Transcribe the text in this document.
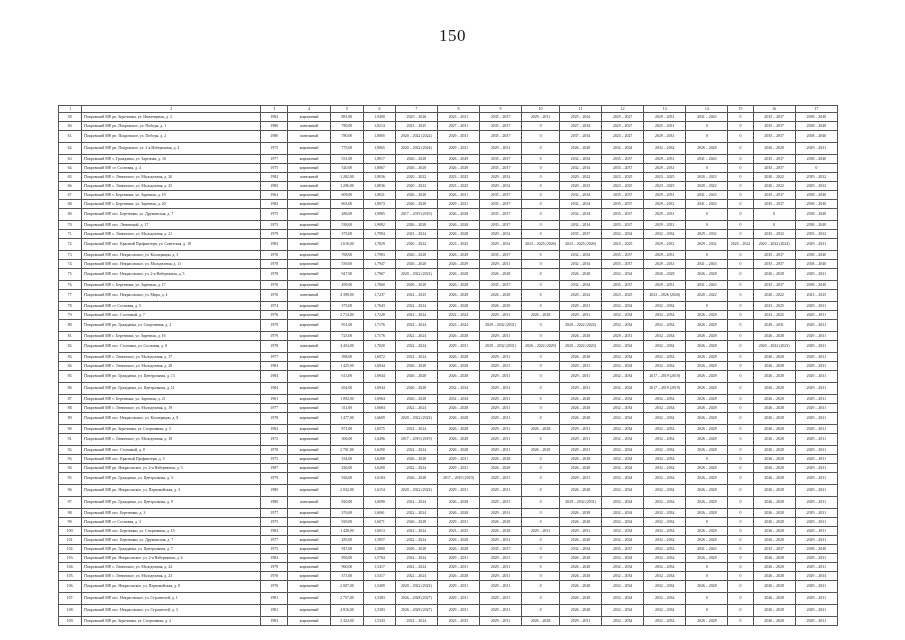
150
1	2	3	4	5	6	7	8	9	10	11	12	13	14	15	16	17
58.	Покровский МР, рп. Березники, ул. Инженерная, д. 3	1982	кирпичный	881,00	1,9400	2025 – 2026	2023 – 2031	2035 – 2037	2029 – 2031	2025 – 2024	2025 – 2027	2029 – 2031	2041 – 2043	0	2035 – 2037	2038 – 2040
60.	Покровский МР, рп. Покровское, ул. Победы, д. 1	1980	панельный	780,00	1,8214	2023 – 2025	2027 – 2031	2035 – 2037	0	2027 – 2034	2025 – 2027	2025 – 2031	0	0	2035 – 2037	2038 – 2040
61.	Покровский МР, рп. Покровское, ул. Победы, д. 2	1980	панельный	780,00	1,8065	2020 – 2022 (2022)	2029 – 2031	2035 – 2037	0	2037 – 2034	2025 – 2027	2029 – 2031	0	0	2035 – 2037	2038 – 2040
62.	Покровский МР, рп. Покровское, ул. 2-я Набережная, д. 4	1975	кирпичный	775,00	1,8065	2020 – 2022 (2024)	2029 – 2031	2029 – 2031	0	2026 – 2028	2032 – 2034	2032 – 2034	2026 – 2028	0	2026 – 2028	2029 – 2031
63.	Покровский МР, с. Гражданка, ул. Заречная, д. 16	1977	кирпичный	531,00	1,8017	2026 – 2028	2026 – 2029	2035 – 2037	0	2032 – 2034	2035 – 2037	2029 – 2031	2041 – 2043	0	2035 – 2037	2038 – 2040
64.	Покровский МР, ст. Сосновая, д. 4	1975	кирпичный	520,00	1,8067	2026 – 2028	2026 – 2029	2035 – 2037	0	2032 – 2034	2035 – 2037	2029 – 2031	0	0	2035 – 2037	0
65.	Покровский МР, с. Ленинское, ул. Молодежная, д. 20	1982	панельный	1 282,00	1,8036	2020 – 2022	2023 – 2025	2029 – 2032	0	2020 – 2022	2023 – 2025	2023 – 2025	2020 – 2023	0	2020 – 2022	2029 – 2032
66.	Покровский МР, с. Ленинское, ул. Молодежная, д. 25	1985	панельный	1 296,00	1,8036	2020 – 2022	2023 – 2025	2029 – 2032	0	2020 – 2023	2023 – 2025	2023 – 2025	2020 – 2022	0	2026 – 2022	2029 – 2032
67.	Покровский МР, с. Березники, ул. Заречная, д. 19	1963	кирпичный	609,00	1,8021	2026 – 2028	2026 – 2031	2035 – 2037	0	2032 – 2034	2035 – 2037	2029 – 2031	2041 – 2043	0	2035 – 2037	2038 – 2040
68.	Покровский МР, с. Березники, ул. Заречная, д. 20	1982	кирпичный	863,00	1,8073	2026 – 2028	2029 – 2031	2035 – 2037	0	2032 – 2034	2035 – 2037	2029 – 2031	2041 – 2043	0	2035 – 2037	2038 – 2040
69.	Покровский МР, пос. Березники, ул. Дружинская, д. 7	1975	кирпичный	486,00	1,9965	2017 – 2019 (2019)	2026 – 2028	2035 – 2037	0	2032 – 2034	2035 – 2037	2029 – 2031	0	0	0	2038 – 2040
70.	Покровский МР, пос. Ленинский, д. 17	1975	кирпичный	538,00	1,9892	2026 – 2028	2026 – 2028	2035 – 2037	0	2032 – 2034	2035 – 2037	2029 – 2031	0	0	0	2038 – 2040
71.	Покровский МР, с. Ленинское, ул. Молодежная, д. 21	1979	кирпичный	375,00	1,7994	2023 – 2024	2026 – 2028	2029 – 2032	0	2035 – 2037	2032 – 2034	2032 – 2034	2029 – 2032	0	2035 – 2032	2035 – 2032
72.	Покровский МР, пос. Красный Профинтерн, ул. Советская, д. 18	1983	кирпичный	1 616,00	1,7829	2020 – 2022	2023 – 2025	2029 – 2032	2023 – 2025 (2026)	2023 – 2025 (2026)	2023 – 2025	2029 – 2031	2029 – 2032	2020 – 2022	2020 – 2022 (2024)	2029 – 2031
73.	Покровский МР, пос. Некрасовское, ул. Кооперации, д. 3	1976	кирпичный	768,00	1,7983	2026 – 2028	2026 – 2028	2035 – 2037	0	2032 – 2034	2035 – 2037	2029 – 2031	0	0	2035 – 2037	2038 – 2040
74.	Покровский МР, пос. Некрасовское, ул. Молодежная, д. 11	1978	кирпичный	539,00	1,7947	2026 – 2028	2026 – 2029	2029 – 2031	0	2032 – 2034	2035 – 2037	2029 – 2031	2041 – 2043	0	2035 – 2037	2038 – 2040
75.	Покровский МР, пос. Некрасовское, ул. 2-я Набережная, д. 5	1978	кирпичный	947,00	1,7967	2020 – 2022 (2021)	2026 – 2028	2026 – 2028	0	2026 – 2028	2032 – 2034	2026 – 2028	2026 – 2028	0	2026 – 2028	2029 – 2031
76.	Покровский МР, с. Березники, ул. Заречная, д. 17	1976	кирпичный	499,00	1,7860	2026 – 2028	2026 – 2028	2035 – 2037	0	2032 – 2034	2035 – 2037	2029 – 2031	2041 – 2043	0	2035 – 2037	2038 – 2040
77.	Покровский МР, пос. Некрасовское, ул. Мира, д. 4	1976	панельный	4 398,00	1,7237	2022 – 2025	2026 – 2028	2026 – 2028	0	2020 – 2022	2023 – 2025	2023 – 2026 (2026)	2020 – 2022	0	2020 – 2022	2023 – 2025
78.	Покровский МР, ст. Сосновая, д. 5	1974	кирпичный	375,00	1,7043	2022 – 2024	2026 – 2028	2026 – 2029	0	2029 – 2031	2032 – 2034	2032 – 2034	0	0	2023 – 2025	2029 – 2031
79.	Покровский МР, пос. Сосновый, д. 7	1976	кирпичный	2 714,00	1,7228	2022 – 2024	2022 – 2024	2029 – 2031	2026 – 2028	2029 – 2031	2032 – 2034	2032 – 2034	2026 – 2028	0	2023 – 2025	2029 – 2031
80.	Покровский МР, рп. Гражданка, ул. Спортивная, д. 2	1979	кирпичный	951,00	1,7176	2022 – 2024	2023 – 2024	2029 – 2032 (2031)	0	2020 – 2022 (2024)	2032 – 2034	2032 – 2034	2026 – 2028	0	2029 – 2031	2029 – 2031
81.	Покровский МР, с. Березники, ул. Заречная, д. 16	1979	кирпичный	723,00	1,7176	2022 – 2024	2026 – 2028	2029 – 2031	0	2026 – 2028	2029 – 2031	2032 – 2034	2026 – 2028	0	2026 – 2028	2029 – 2031
82.	Покровский МР, пос. Сосновка, ул. Сосновая, д. 8	1978	панельный	4 454,00	1,7020	2022 – 2024	2029 – 2031	2029 – 2032 (2031)	2026 – 2022 (2029)	2020 – 2022 (2023)	2032 – 2034	2032 – 2034	2026 – 2028	0	2020 – 2022 (2023)	2029 – 2031
83.	Покровский МР, с. Ленинское, ул. Молодежная, д. 17	1977	кирпичный	398,00	1,6972	2022 – 2024	2026 – 2028	2029 – 2031	0	2026 – 2028	2032 – 2034	2032 – 2034	2026 – 2028	0	2026 – 2028	2029 – 2031
84.	Покровский МР, с. Ленинское, ул. Молодежная, д. 28	1984	кирпичный	1 425,00	1,6944	2026 – 2028	2026 – 2028	2029 – 2031	0	2029 – 2031	2032 – 2034	2032 – 2034	2026 – 2028	0	2026 – 2028	2029 – 2031
85.	Покровский МР, рп. Гражданка, ул. Центральная, д. 13	1984	кирпичный	613,00	1,6944	2026 – 2028	2026 – 2028	2029 – 2031	0	2029 – 2031	2032 – 2034	2017 – 2019 (2019)	2026 – 2028	0	2026 – 2028	2029 – 2031
86.	Покровский МР, рп. Гражданка, ул. Центральная, д. 11	1984	кирпичный	654,00	1,6944	2026 – 2028	2032 – 2034	2029 – 2031	0	2029 – 2031	2032 – 2034	2017 – 2019 (2019)	2026 – 2028	0	2026 – 2028	2029 – 2031
87.	Покровский МР, с. Березники, ул. Заречная, д. 21	1961	кирпичный	1 092,00	1,6964	2026 – 2028	2032 – 2034	2029 – 2031	0	2026 – 2028	2032 – 2034	2032 – 2034	2026 – 2028	0	2026 – 2028	2029 – 2031
88.	Покровский МР, с. Ленинское, ул. Молодежная, д. 19	1977	кирпичный	311,00	1,6684	2022 – 2024	2026 – 2028	2029 – 2031	0	2026 – 2028	2032 – 2034	2032 – 2034	2026 – 2028	0	2026 – 2028	2029 – 2031
89.	Покровский МР, пос. Некрасовское, ул. Кооперации, д. 8	1978	кирпичный	1 477,00	1,6609	2020 – 2022 (2022)	2026 – 2028	2029 – 2031	0	2026 – 2028	2032 – 2034	2032 – 2034	2026 – 2028	0	2026 – 2028	2029 – 2031
90.	Покровский МР, рп. Березники, ул. Спортивная, д. 3	1982	кирпичный	871,00	1,6575	2022 – 2024	2026 – 2028	2029 – 2031	2026 – 2028	2029 – 2031	2032 – 2034	2032 – 2034	2026 – 2028	0	2026 – 2028	2029 – 2031
91.	Покровский МР, с. Ленинское, ул. Молодежная, д. 18	1973	кирпичный	306,00	1,6496	2017 – 2019 (2019)	2026 – 2028	2029 – 2031	0	2029 – 2031	2032 – 2034	2032 – 2034	2026 – 2028	0	2026 – 2028	2029 – 2031
92.	Покровский МР, пос. Сосновый, д. 8	1978	кирпичный	2 701,00	1,6290	2022 – 2024	2026 – 2028	2029 – 2031	2026 – 2028	2029 – 2031	2032 – 2034	2032 – 2034	2026 – 2028	0	2026 – 2028	2029 – 2031
93.	Покровский МР, пос. Красный Профинтерн, д. 3	1975	кирпичный	334,00	1,6288	2026 – 2028	2029 – 2031	2026 – 2028	0	2026 – 2028	2032 – 2034	2032 – 2034	0	0	2026 – 2028	2029 – 2031
94.	Покровский МР, рп. Некрасовское, ул. 2-я Набережная, д. 3	1987	кирпичный	326,00	1,6200	2022 – 2024	2029 – 2031	2026 – 2028	0	2026 – 2028	2032 – 2034	2032 – 2034	2026 – 2028	0	2026 – 2028	2029 – 2031
95.	Покровский МР, рп. Гражданка, ул. Центральная, д. 3	1979	кирпичный	926,00	1,6184	2026 – 2028	2017 – 2019 (2019)	2029 – 2031	0	2029 – 2031	2032 – 2034	2032 – 2034	2026 – 2028	0	2026 – 2028	2029 – 2031
96.	Покровский МР, рп. Некрасовское, ул. Первомайская, д. 3	1980	кирпичный	2 032,00	1,6154	2020 – 2022 (2022)	2029 – 2031	2029 – 2031	0	2026 – 2028	2032 – 2034	2032 – 2034	2026 – 2028	0	2026 – 2028	2029 – 2031
97.	Покровский МР, рп. Гражданка, ул. Центральная, д. 9	1980	панельный	820,00	1,6090	2022 – 2024	2026 – 2028	2029 – 2031	0	2029 – 2032 (2031)	2032 – 2034	2032 – 2034	2026 – 2028	0	2026 – 2028	2029 – 2031
98.	Покровский МР, пос. Березники, д. 3	1977	кирпичный	376,00	1,6061	2022 – 2024	2026 – 2028	2029 – 2031	0	2026 – 2028	2032 – 2034	2032 – 2034	2026 – 2028	0	2026 – 2028	2029 – 2031
99.	Покровский МР, ст. Сосновая, д. 3	1975	кирпичный	929,00	1,6071	2026 – 2028	2029 – 2031	2026 – 2028	0	2026 – 2028	2032 – 2034	2032 – 2034	0	0	2026 – 2028	2029 – 2031
100.	Покровский МР, пос. Березники, ул. Спортивная, д. 15	1984	кирпичный	1 428,00	1,6013	2022 – 2024	2023 – 2025	2026 – 2028	2029 – 2031	2029 – 2031	2032 – 2034	2032 – 2034	2026 – 2028	0	2026 – 2028	2029 – 2031
101.	Покровский МР, пос. Березники, ул. Дружинская, д. 7	1977	кирпичный	285,00	1,5857	2022 – 2024	2026 – 2028	2029 – 2031	0	2026 – 2028	2032 – 2034	2032 – 2034	2026 – 2028	0	2026 – 2028	2029 – 2031
102.	Покровский МР, рп. Гражданка, ул. Центральная, д. 7	1975	кирпичный	947,00	1,5800	2026 – 2028	2026 – 2028	2035 – 2037	0	2032 – 2034	2035 – 2037	2032 – 2034	2041 – 2043	0	2035 – 2037	2038 – 2040
103.	Покровский МР, рп. Некрасовское, ул. 2-я Набережная, д. 6	1982	кирпичный	856,00	1,5764	2022 – 2024	2029 – 2031	2029 – 2031	0	2026 – 2028	2032 – 2034	2032 – 2034	2026 – 2028	0	2026 – 2028	2029 – 2031
104.	Покровский МР, с. Ленинское, ул. Молодежная, д. 24	1979	кирпичный	960,00	1,5417	2022 – 2024	2029 – 2031	2029 – 2031	0	2026 – 2028	2032 – 2034	2032 – 2034	0	0	2026 – 2028	2029 – 2031
105.	Покровский МР, с. Ленинское, ул. Молодежная, д. 23	1976	кирпичный	371,00	1,5417	2022 – 2024	2026 – 2028	2029 – 2031	0	2026 – 2028	2032 – 2034	2032 – 2034	0	0	2026 – 2028	2029 – 2034
106.	Покровский МР, рп. Некрасовское, ул. Первомайская, д. 8	1976	кирпичный	2 007,00	1,5409	2020 – 2022 (2022)	2029 – 2031	2029 – 2031	0	2026 – 2028	2032 – 2034	2032 – 2034	2026 – 2028	0	2026 – 2028	2029 – 2031
107.	Покровский МР, пос. Некрасовское, ул. Строителей, д. 1	1981	кирпичный	2 757,00	1,5383	2026 – 2028 (2027)	2029 – 2031	2029 – 2031	0	2026 – 2028	2032 – 2034	2032 – 2034	0	0	2026 – 2028	2029 – 2031
108.	Покровский МР, пос. Некрасовское, ул. Строителей, д. 3	1981	кирпичный	4 816,00	1,5383	2026 – 2028 (2027)	2029 – 2031	2029 – 2031	0	2026 – 2028	2032 – 2034	2032 – 2034	0	0	2026 – 2028	2029 – 2031
109.	Покровский МР, рп. Березники, ул. Спортивная, д. 4	1983	кирпичный	2 424,00	1,5343	2022 – 2024	2023 – 2025	2029 – 2031	2026 – 2028	2029 – 2031	2032 – 2034	2032 – 2034	2026 – 2028	0	2026 – 2028	2029 – 2031
